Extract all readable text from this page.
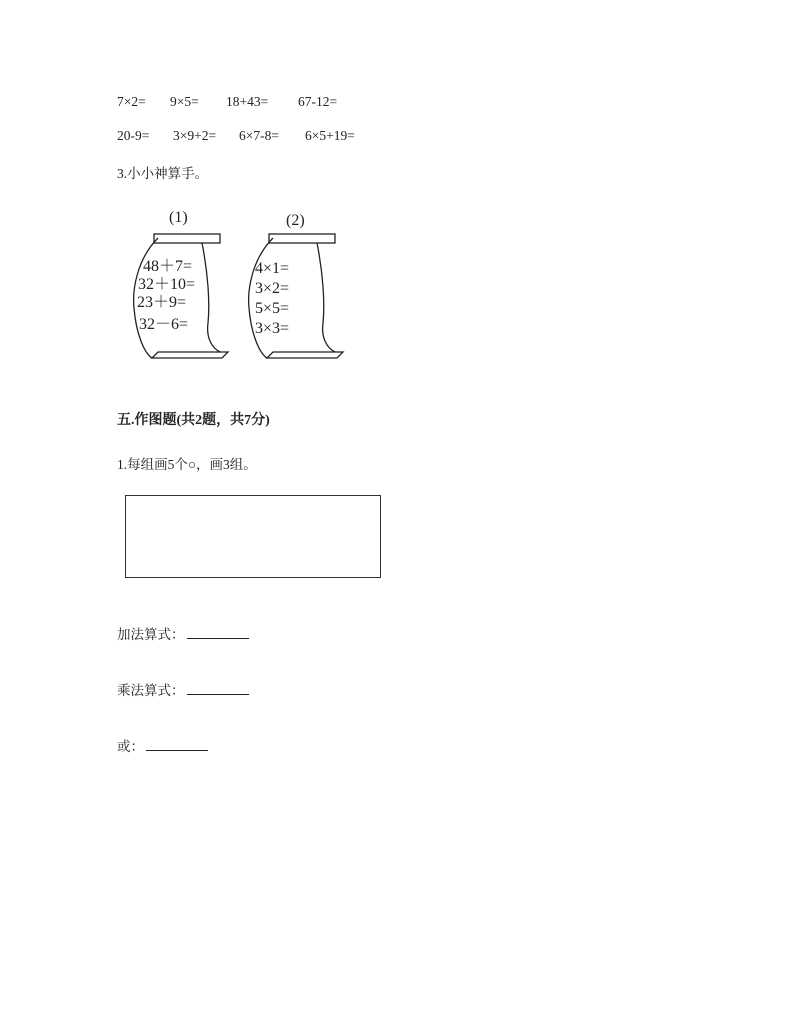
7×2= 9×5= 18+43= 67-12=
20-9= 3×9+2= 6×7-8= 6×5+19=
3.小小神算手。
(1)
48＋7=
32＋10=
23＋9=
32－6=
(2)
4×1=
3×2=
5×5=
3×3=
五.作图题(共2题，共7分)
1.每组画5个○，画3组。
加法算式：
乘法算式：
或：
